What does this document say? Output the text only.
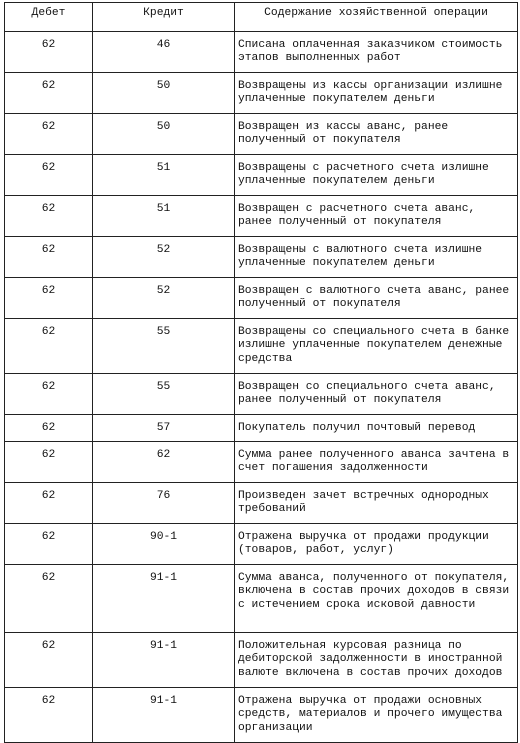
Дебет	Кредит	Содержание хозяйственной операции
62	46	Списана оплаченная заказчиком стоимость этапов выполненных работ
62	50	Возвращены из кассы организации излишне уплаченные покупателем деньги
62	50	Возвращен из кассы аванс, ранее полученный от покупателя
62	51	Возвращены с расчетного счета излишне уплаченные покупателем деньги
62	51	Возвращен с расчетного счета аванс, ранее полученный от покупателя
62	52	Возвращены с валютного счета излишне уплаченные покупателем деньги
62	52	Возвращен с валютного счета аванс, ранее полученный от покупателя
62	55	Возвращены со специального счета в банке излишне уплаченные покупателем денежные средства
62	55	Возвращен со специального счета аванс, ранее полученный от покупателя
62	57	Покупатель получил почтовый перевод
62	62	Сумма ранее полученного аванса зачтена в счет погашения задолженности
62	76	Произведен зачет встречных однородных требований
62	90-1	Отражена выручка от продажи продукции (товаров, работ, услуг)
62	91-1	Сумма аванса, полученного от покупателя, включена в состав прочих доходов в связи с истечением срока исковой давности
62	91-1	Положительная курсовая разница по дебиторской задолженности в иностранной валюте включена в состав прочих доходов
62	91-1	Отражена выручка от продажи основных средств, материалов и прочего имущества организации
